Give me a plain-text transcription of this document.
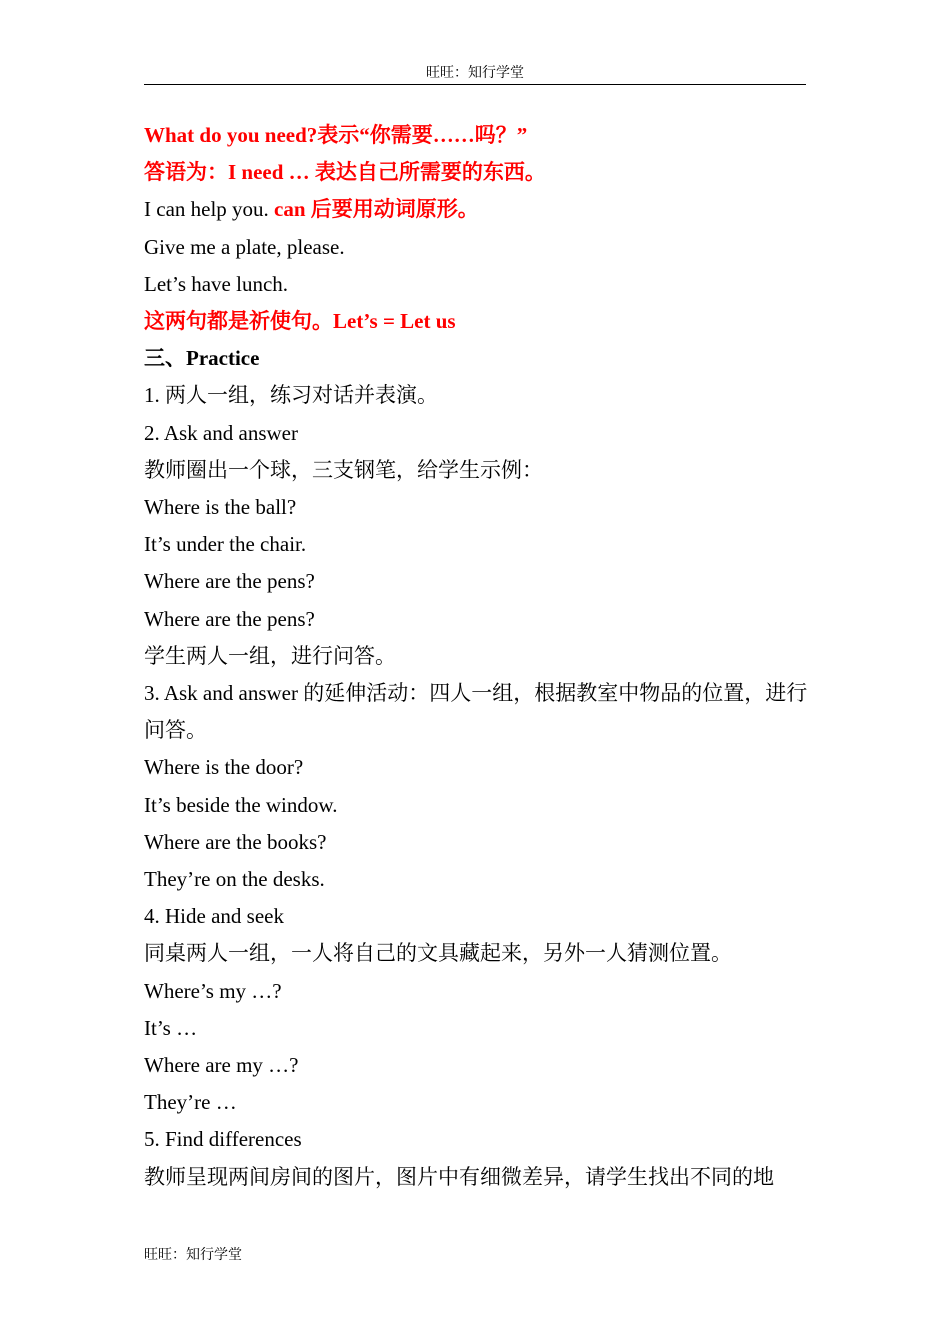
旺旺：知行学堂
What do you need?表示“你需要……吗？”
答语为：I need … 表达自己所需要的东西。
I can help you. can 后要用动词原形。
Give me a plate, please.
Let’s have lunch.
这两句都是祈使句。Let’s = Let us
三、Practice
1. 两人一组，练习对话并表演。
2. Ask and answer
教师圈出一个球，三支钢笔，给学生示例：
Where is the ball?
It’s under the chair.
Where are the pens?
Where are the pens?
学生两人一组，进行问答。
3. Ask and answer 的延伸活动：四人一组，根据教室中物品的位置，进行问答。
Where is the door?
It’s beside the window.
Where are the books?
They’re on the desks.
4. Hide and seek
同桌两人一组，一人将自己的文具藏起来，另外一人猜测位置。
Where’s my …?
It’s …
Where are my …?
They’re …
5. Find differences
教师呈现两间房间的图片，图片中有细微差异，请学生找出不同的地
旺旺：知行学堂
